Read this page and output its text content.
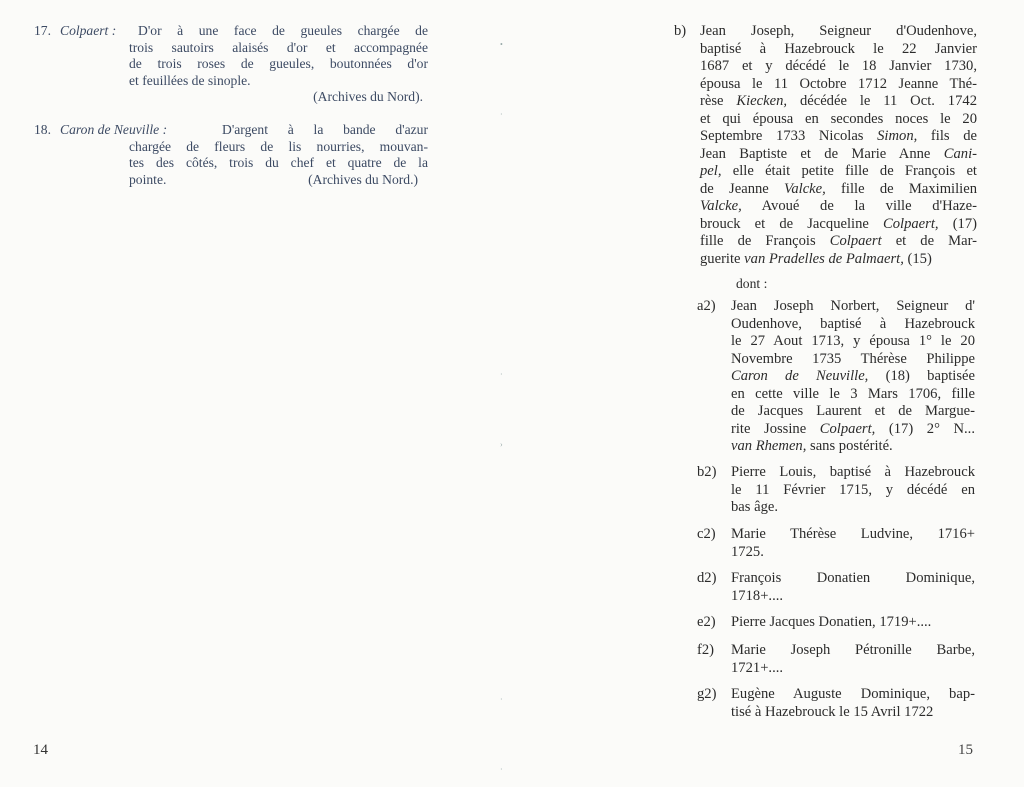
17. Colpaert : D'or à une face de gueules chargée de
trois sautoirs alaisés d'or et accompagnée
de trois roses de gueules, boutonnées d'or
et feuillées de sinople.
(Archives du Nord).
18. Caron de Neuville :	D'argent à la bande d'azur
chargée de fleurs de lis nourries, mouvan-
tes des côtés, trois du chef et quatre de la
pointe.	(Archives du Nord.)
14
b) Jean Joseph, Seigneur d'Oudenhove,
baptisé à Hazebrouck le 22 Janvier
1687 et y décédé le 18 Janvier 1730,
épousa le 11 Octobre 1712 Jeanne Thé-
rèse Kiecken, décédée le 11 Oct. 1742
et qui épousa en secondes noces le 20
Septembre 1733 Nicolas Simon, fils de
Jean Baptiste et de Marie Anne Cani-
pel, elle était petite fille de François et
de Jeanne Valcke, fille de Maximilien
Valcke, Avoué de la ville d'Haze-
brouck et de Jacqueline Colpaert, (17)
fille de François Colpaert et de Mar-
guerite van Pradelles de Palmaert, (15)
dont :
a2)	Jean Joseph Norbert, Seigneur d'
Oudenhove, baptisé à Hazebrouck
le 27 Aout 1713, y épousa 1° le 20
Novembre 1735 Thérèse Philippe
Caron de Neuville, (18) baptisée
en cette ville le 3 Mars 1706, fille
de Jacques Laurent et de Margue-
rite Jossine Colpaert, (17) 2° N...
van Rhemen, sans postérité.
b2) Pierre Louis, baptisé à Hazebrouck
le 11 Février 1715, y décédé en
bas âge.
c2)	Marie Thérèse Ludvine, 1716+
1725.
d2) François Donatien Dominique,
1718+....
e2)	Pierre Jacques Donatien, 1719+....
f2)	Marie Joseph Pétronille Barbe,
1721+....
g2) Eugène Auguste Dominique, bap-
tisé à Hazebrouck le 15 Avril 1722
15
•
·
·
›
·
·
